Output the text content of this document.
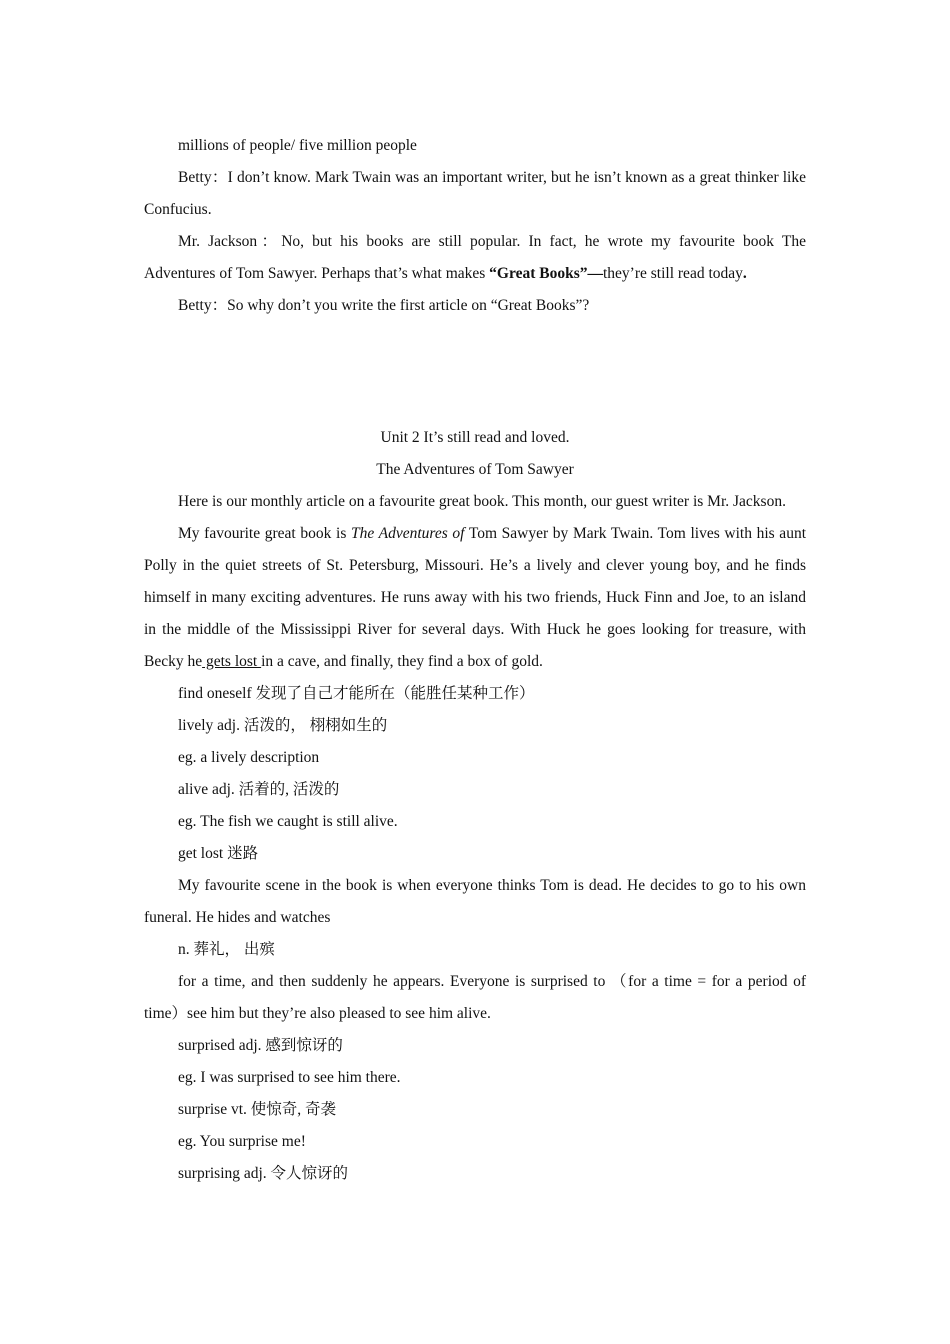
millions of people/ five million people

Betty：I don’t know. Mark Twain was an important writer, but he isn’t known as a great thinker like Confucius.

Mr. Jackson：No, but his books are still popular. In fact, he wrote my favourite book The Adventures of Tom Sawyer. Perhaps that’s what makes “Great Books”—they’re still read today.

Betty：So why don’t you write the first article on “Great Books”?

Unit 2 It’s still read and loved.

The Adventures of Tom Sawyer

Here is our monthly article on a favourite great book. This month, our guest writer is Mr. Jackson.

My favourite great book is The Adventures of Tom Sawyer by Mark Twain. Tom lives with his aunt Polly in the quiet streets of St. Petersburg, Missouri. He’s a lively and clever young boy, and he finds himself in many exciting adventures. He runs away with his two friends, Huck Finn and Joe, to an island in the middle of the Mississippi River for several days. With Huck he goes looking for treasure, with Becky he gets lost in a cave, and finally, they find a box of gold.

find oneself 发现了自己才能所在（能胜任某种工作）

lively adj. 活泼的， 栩栩如生的

eg. a lively description

alive adj. 活着的, 活泼的

eg. The fish we caught is still alive.

get lost 迷路

My favourite scene in the book is when everyone thinks Tom is dead. He decides to go to his own funeral. He hides and watches

n. 葬礼， 出殡

for a time, and then suddenly he appears. Everyone is surprised to （for a time = for a period of time）see him but they’re also pleased to see him alive.

surprised adj. 感到惊讶的

eg. I was surprised to see him there.

surprise vt. 使惊奇, 奇袭

eg. You surprise me!

surprising adj. 令人惊讶的
